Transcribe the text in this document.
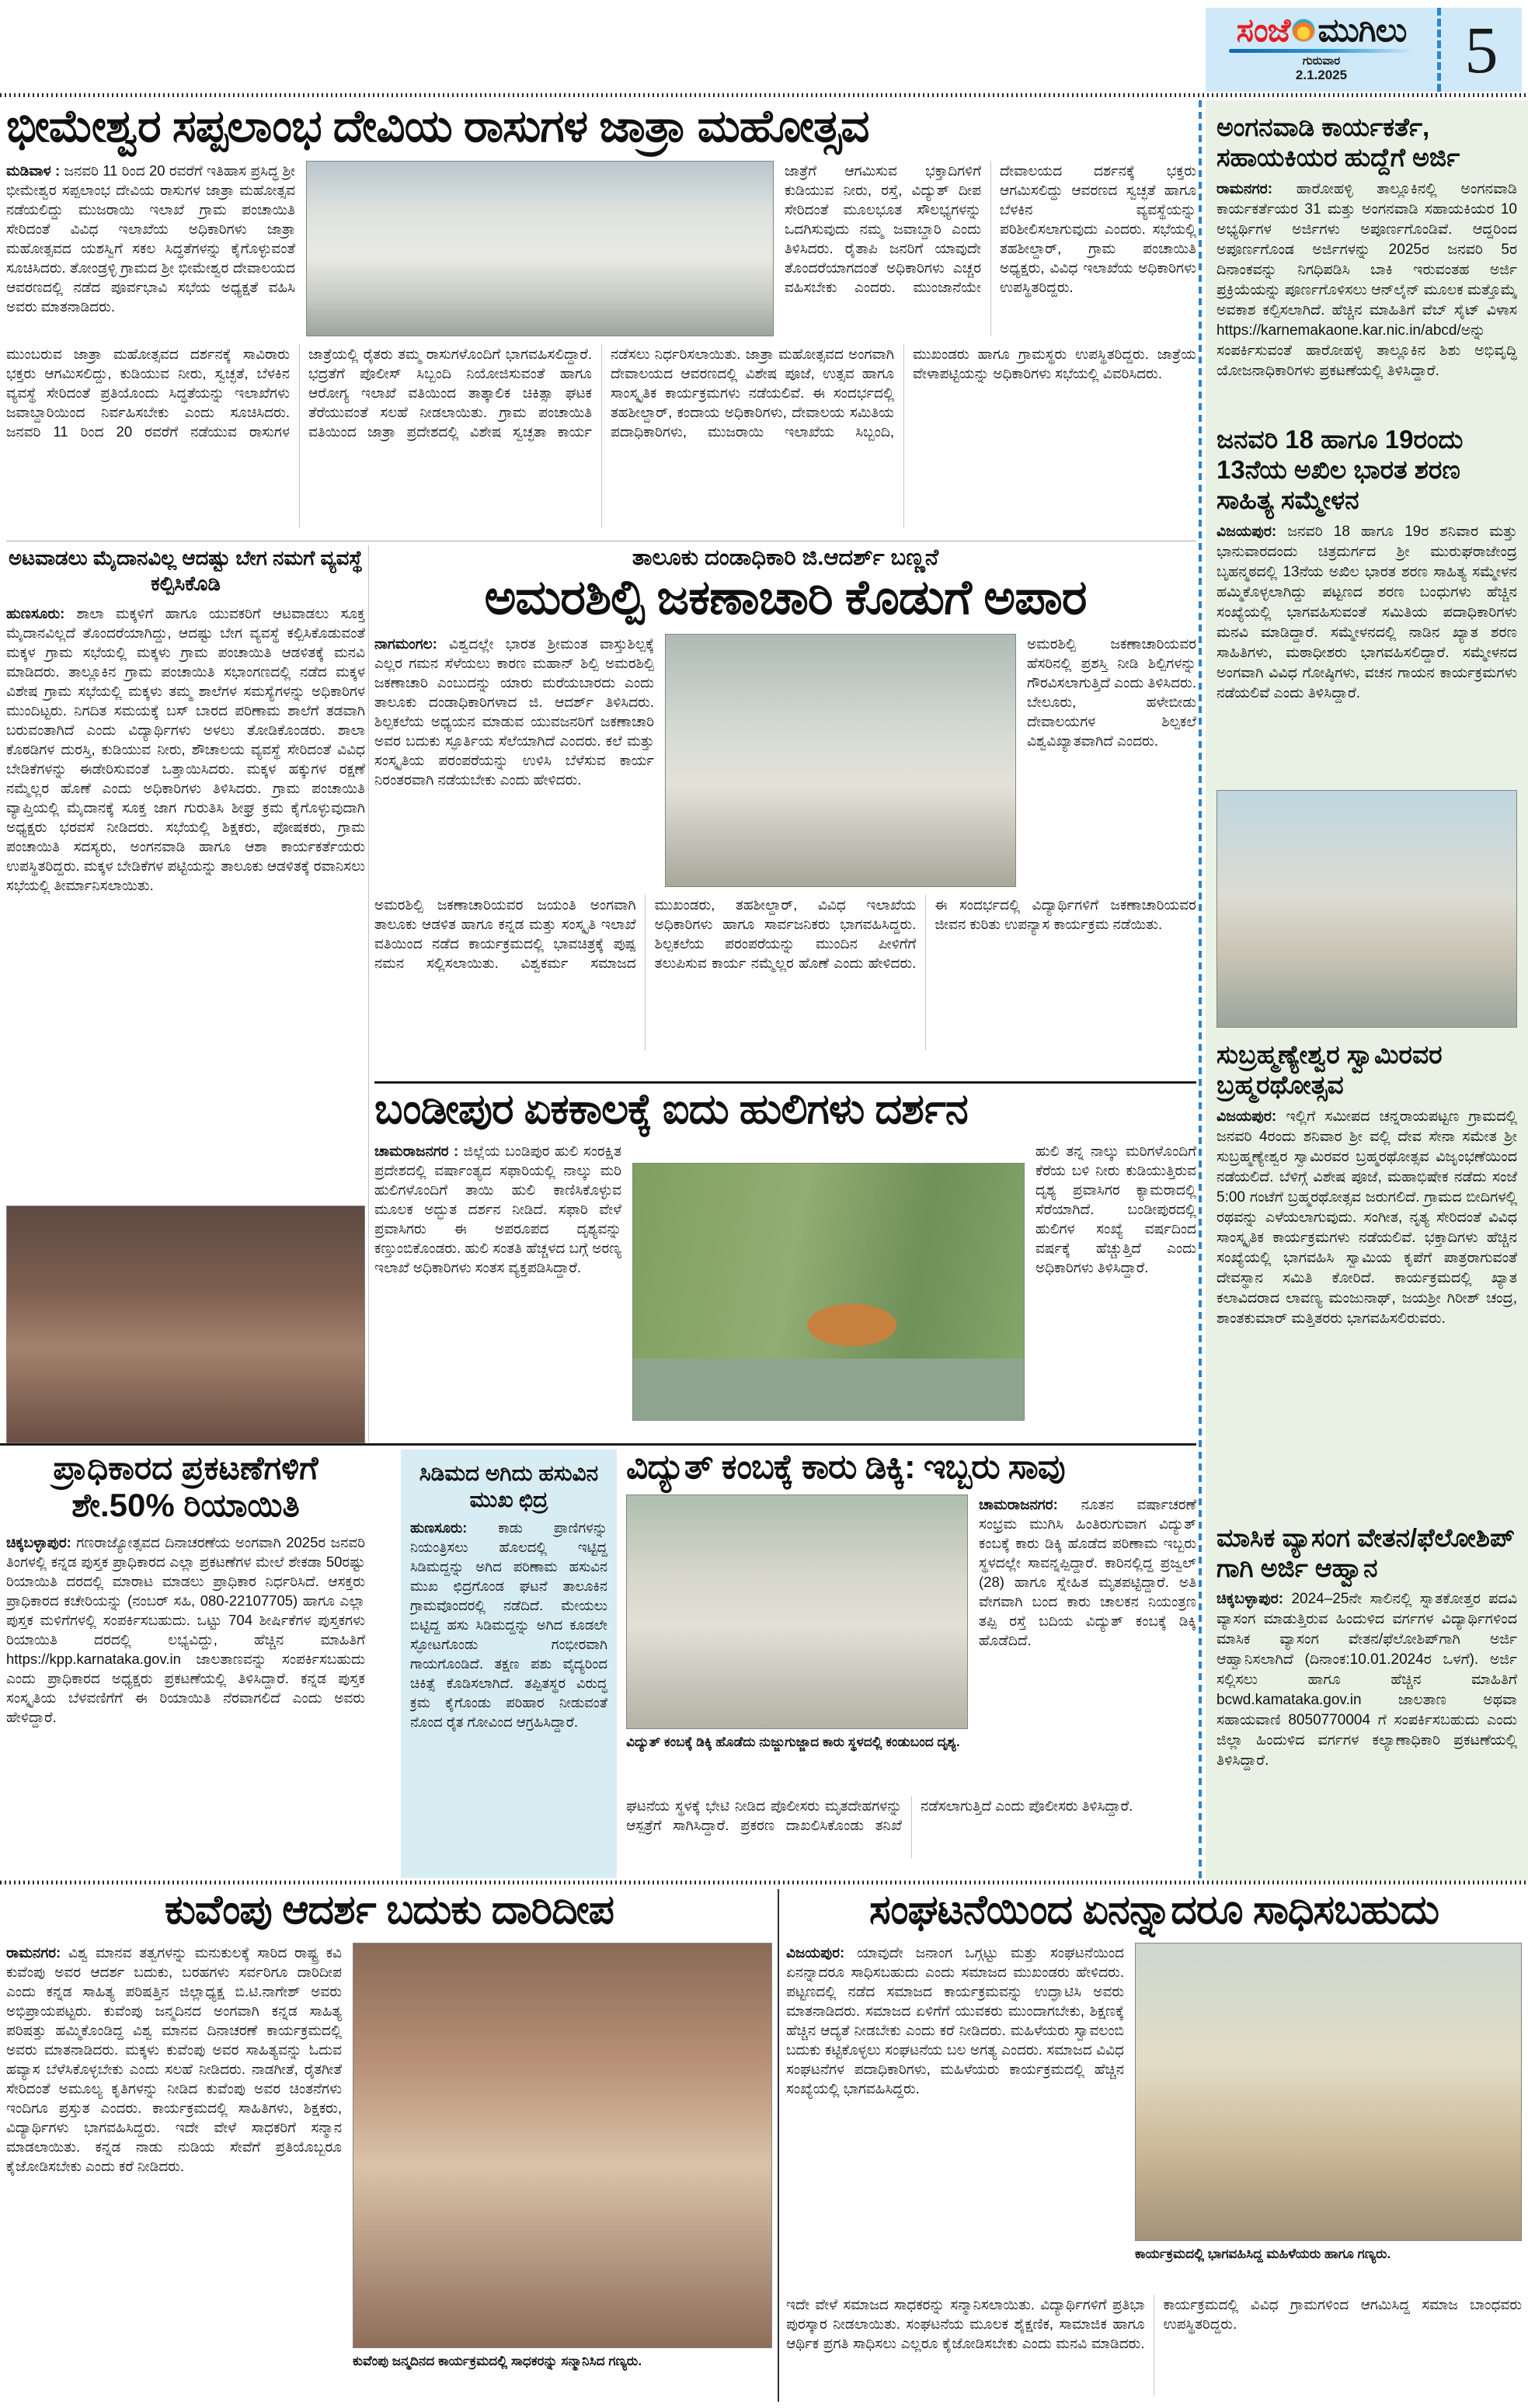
ಸಂಜೆ ಮುಗಿಲು
ಗುರುವಾರ
2.1.2025	5
ಭೀಮೇಶ್ವರ ಸಪ್ಪಲಾಂಭ ದೇವಿಯ ರಾಸುಗಳ ಜಾತ್ರಾ ಮಹೋತ್ಸವ
ಮಡಿವಾಳ : ಜನವರಿ 11 ರಿಂದ 20 ರವರೆಗೆ ಇತಿಹಾಸ ಪ್ರಸಿದ್ಧ ಶ್ರೀ ಭೀಮೇಶ್ವರ ಸಪ್ಪಲಾಂಭ ದೇವಿಯ ರಾಸುಗಳ ಜಾತ್ರಾ ಮಹೋತ್ಸವ ನಡೆಯಲಿದ್ದು ಮುಜರಾಯಿ ಇಲಾಖೆ ಗ್ರಾಮ ಪಂಚಾಯಿತಿ ಸೇರಿದಂತೆ ವಿವಿಧ ಇಲಾಖೆಯ ಅಧಿಕಾರಿಗಳು ಜಾತ್ರಾ ಮಹೋತ್ಸವದ ಯಶಸ್ವಿಗೆ ಸಕಲ ಸಿದ್ಧತೆಗಳನ್ನು ಕೈಗೊಳ್ಳುವಂತೆ ಸೂಚಿಸಿದರು. ತೋಂಡ್ರಳ್ಳಿ ಗ್ರಾಮದ ಶ್ರೀ ಭೀಮೇಶ್ವರ ದೇವಾಲಯದ ಆವರಣದಲ್ಲಿ ನಡೆದ ಪೂರ್ವಭಾವಿ ಸಭೆಯ ಅಧ್ಯಕ್ಷತೆ ವಹಿಸಿ ಅವರು ಮಾತನಾಡಿದರು.
ಜಾತ್ರೆಗೆ ಆಗಮಿಸುವ ಭಕ್ತಾದಿಗಳಿಗೆ ಕುಡಿಯುವ ನೀರು, ರಸ್ತೆ, ವಿದ್ಯುತ್ ದೀಪ ಸೇರಿದಂತೆ ಮೂಲಭೂತ ಸೌಲಭ್ಯಗಳನ್ನು ಒದಗಿಸುವುದು ನಮ್ಮ ಜವಾಬ್ದಾರಿ ಎಂದು ತಿಳಿಸಿದರು. ರೈತಾಪಿ ಜನರಿಗೆ ಯಾವುದೇ ತೊಂದರೆಯಾಗದಂತೆ ಅಧಿಕಾರಿಗಳು ಎಚ್ಚರ ವಹಿಸಬೇಕು ಎಂದರು. ಮುಂಜಾನೆಯೇ ದೇವಾಲಯದ ದರ್ಶನಕ್ಕೆ ಭಕ್ತರು ಆಗಮಿಸಲಿದ್ದು ಆವರಣದ ಸ್ವಚ್ಛತೆ ಹಾಗೂ ಬೆಳಕಿನ ವ್ಯವಸ್ಥೆಯನ್ನು ಪರಿಶೀಲಿಸಲಾಗುವುದು ಎಂದರು. ಸಭೆಯಲ್ಲಿ ತಹಶೀಲ್ದಾರ್, ಗ್ರಾಮ ಪಂಚಾಯಿತಿ ಅಧ್ಯಕ್ಷರು, ವಿವಿಧ ಇಲಾಖೆಯ ಅಧಿಕಾರಿಗಳು ಉಪಸ್ಥಿತರಿದ್ದರು.
ಮುಂಬರುವ ಜಾತ್ರಾ ಮಹೋತ್ಸವದ ದರ್ಶನಕ್ಕೆ ಸಾವಿರಾರು ಭಕ್ತರು ಆಗಮಿಸಲಿದ್ದು, ಕುಡಿಯುವ ನೀರು, ಸ್ವಚ್ಛತೆ, ಬೆಳಕಿನ ವ್ಯವಸ್ಥೆ ಸೇರಿದಂತೆ ಪ್ರತಿಯೊಂದು ಸಿದ್ಧತೆಯನ್ನು ಇಲಾಖೆಗಳು ಜವಾಬ್ದಾರಿಯಿಂದ ನಿರ್ವಹಿಸಬೇಕು ಎಂದು ಸೂಚಿಸಿದರು. ಜನವರಿ 11 ರಿಂದ 20 ರವರೆಗೆ ನಡೆಯುವ ರಾಸುಗಳ ಜಾತ್ರೆಯಲ್ಲಿ ರೈತರು ತಮ್ಮ ರಾಸುಗಳೊಂದಿಗೆ ಭಾಗವಹಿಸಲಿದ್ದಾರೆ. ಭದ್ರತೆಗೆ ಪೊಲೀಸ್ ಸಿಬ್ಬಂದಿ ನಿಯೋಜಿಸುವಂತೆ ಹಾಗೂ ಆರೋಗ್ಯ ಇಲಾಖೆ ವತಿಯಿಂದ ತಾತ್ಕಾಲಿಕ ಚಿಕಿತ್ಸಾ ಘಟಕ ತೆರೆಯುವಂತೆ ಸಲಹೆ ನೀಡಲಾಯಿತು. ಗ್ರಾಮ ಪಂಚಾಯಿತಿ ವತಿಯಿಂದ ಜಾತ್ರಾ ಪ್ರದೇಶದಲ್ಲಿ ವಿಶೇಷ ಸ್ವಚ್ಛತಾ ಕಾರ್ಯ ನಡೆಸಲು ನಿರ್ಧರಿಸಲಾಯಿತು. ಜಾತ್ರಾ ಮಹೋತ್ಸವದ ಅಂಗವಾಗಿ ದೇವಾಲಯದ ಆವರಣದಲ್ಲಿ ವಿಶೇಷ ಪೂಜೆ, ಉತ್ಸವ ಹಾಗೂ ಸಾಂಸ್ಕೃತಿಕ ಕಾರ್ಯಕ್ರಮಗಳು ನಡೆಯಲಿವೆ. ಈ ಸಂದರ್ಭದಲ್ಲಿ ತಹಶೀಲ್ದಾರ್, ಕಂದಾಯ ಅಧಿಕಾರಿಗಳು, ದೇವಾಲಯ ಸಮಿತಿಯ ಪದಾಧಿಕಾರಿಗಳು, ಮುಜರಾಯಿ ಇಲಾಖೆಯ ಸಿಬ್ಬಂದಿ, ಮುಖಂಡರು ಹಾಗೂ ಗ್ರಾಮಸ್ಥರು ಉಪಸ್ಥಿತರಿದ್ದರು. ಜಾತ್ರೆಯ ವೇಳಾಪಟ್ಟಿಯನ್ನು ಅಧಿಕಾರಿಗಳು ಸಭೆಯಲ್ಲಿ ವಿವರಿಸಿದರು.
ಅಟವಾಡಲು ಮೈದಾನವಿಲ್ಲ ಆದಷ್ಟು ಬೇಗ ನಮಗೆ ವ್ಯವಸ್ಥೆ ಕಲ್ಪಿಸಿಕೊಡಿ

ಹುಣಸೂರು: ಶಾಲಾ ಮಕ್ಕಳಿಗೆ ಹಾಗೂ ಯುವಕರಿಗೆ ಆಟವಾಡಲು ಸೂಕ್ತ ಮೈದಾನವಿಲ್ಲದೆ ತೊಂದರೆಯಾಗಿದ್ದು, ಆದಷ್ಟು ಬೇಗ ವ್ಯವಸ್ಥೆ ಕಲ್ಪಿಸಿಕೊಡುವಂತೆ ಮಕ್ಕಳ ಗ್ರಾಮ ಸಭೆಯಲ್ಲಿ ಮಕ್ಕಳು ಗ್ರಾಮ ಪಂಚಾಯಿತಿ ಆಡಳಿತಕ್ಕೆ ಮನವಿ ಮಾಡಿದರು. ತಾಲ್ಲೂಕಿನ ಗ್ರಾಮ ಪಂಚಾಯಿತಿ ಸಭಾಂಗಣದಲ್ಲಿ ನಡೆದ ಮಕ್ಕಳ ವಿಶೇಷ ಗ್ರಾಮ ಸಭೆಯಲ್ಲಿ ಮಕ್ಕಳು ತಮ್ಮ ಶಾಲೆಗಳ ಸಮಸ್ಯೆಗಳನ್ನು ಅಧಿಕಾರಿಗಳ ಮುಂದಿಟ್ಟರು. ನಿಗದಿತ ಸಮಯಕ್ಕೆ ಬಸ್ ಬಾರದ ಪರಿಣಾಮ ಶಾಲೆಗೆ ತಡವಾಗಿ ಬರುವಂತಾಗಿದೆ ಎಂದು ವಿದ್ಯಾರ್ಥಿಗಳು ಅಳಲು ತೋಡಿಕೊಂಡರು. ಶಾಲಾ ಕೊಠಡಿಗಳ ದುರಸ್ತಿ, ಕುಡಿಯುವ ನೀರು, ಶೌಚಾಲಯ ವ್ಯವಸ್ಥೆ ಸೇರಿದಂತೆ ವಿವಿಧ ಬೇಡಿಕೆಗಳನ್ನು ಈಡೇರಿಸುವಂತೆ ಒತ್ತಾಯಿಸಿದರು. ಮಕ್ಕಳ ಹಕ್ಕುಗಳ ರಕ್ಷಣೆ ನಮ್ಮೆಲ್ಲರ ಹೊಣೆ ಎಂದು ಅಧಿಕಾರಿಗಳು ತಿಳಿಸಿದರು. ಗ್ರಾಮ ಪಂಚಾಯಿತಿ ವ್ಯಾಪ್ತಿಯಲ್ಲಿ ಮೈದಾನಕ್ಕೆ ಸೂಕ್ತ ಜಾಗ ಗುರುತಿಸಿ ಶೀಘ್ರ ಕ್ರಮ ಕೈಗೊಳ್ಳುವುದಾಗಿ ಅಧ್ಯಕ್ಷರು ಭರವಸೆ ನೀಡಿದರು. ಸಭೆಯಲ್ಲಿ ಶಿಕ್ಷಕರು, ಪೋಷಕರು, ಗ್ರಾಮ ಪಂಚಾಯಿತಿ ಸದಸ್ಯರು, ಅಂಗನವಾಡಿ ಹಾಗೂ ಆಶಾ ಕಾರ್ಯಕರ್ತೆಯರು ಉಪಸ್ಥಿತರಿದ್ದರು. ಮಕ್ಕಳ ಬೇಡಿಕೆಗಳ ಪಟ್ಟಿಯನ್ನು ತಾಲೂಕು ಆಡಳಿತಕ್ಕೆ ರವಾನಿಸಲು ಸಭೆಯಲ್ಲಿ ತೀರ್ಮಾನಿಸಲಾಯಿತು.

ತಾಲೂಕು ದಂಡಾಧಿಕಾರಿ ಜಿ.ಆದರ್ಶ್ ಬಣ್ಣನೆ

ಅಮರಶಿಲ್ಪಿ ಜಕಣಾಚಾರಿ ಕೊಡುಗೆ ಅಪಾರ
ನಾಗಮಂಗಲ: ವಿಶ್ವದಲ್ಲೇ ಭಾರತ ಶ್ರೀಮಂತ ವಾಸ್ತುಶಿಲ್ಪಕ್ಕೆ ಎಲ್ಲರ ಗಮನ ಸೆಳೆಯಲು ಕಾರಣ ಮಹಾನ್ ಶಿಲ್ಪಿ ಅಮರಶಿಲ್ಪಿ ಜಕಣಾಚಾರಿ ಎಂಬುದನ್ನು ಯಾರು ಮರೆಯಬಾರದು ಎಂದು ತಾಲೂಕು ದಂಡಾಧಿಕಾರಿಗಳಾದ ಜಿ. ಆದರ್ಶ್ ತಿಳಿಸಿದರು. ಶಿಲ್ಪಕಲೆಯ ಅಧ್ಯಯನ ಮಾಡುವ ಯುವಜನರಿಗೆ ಜಕಣಾಚಾರಿ ಅವರ ಬದುಕು ಸ್ಫೂರ್ತಿಯ ಸೆಲೆಯಾಗಿದೆ ಎಂದರು. ಕಲೆ ಮತ್ತು ಸಂಸ್ಕೃತಿಯ ಪರಂಪರೆಯನ್ನು ಉಳಿಸಿ ಬೆಳೆಸುವ ಕಾರ್ಯ ನಿರಂತರವಾಗಿ ನಡೆಯಬೇಕು ಎಂದು ಹೇಳಿದರು.
ಅಮರಶಿಲ್ಪಿ ಜಕಣಾಚಾರಿಯವರ ಹೆಸರಿನಲ್ಲಿ ಪ್ರಶಸ್ತಿ ನೀಡಿ ಶಿಲ್ಪಿಗಳನ್ನು ಗೌರವಿಸಲಾಗುತ್ತಿದೆ ಎಂದು ತಿಳಿಸಿದರು. ಬೇಲೂರು, ಹಳೇಬೀಡು ದೇವಾಲಯಗಳ ಶಿಲ್ಪಕಲೆ ವಿಶ್ವವಿಖ್ಯಾತವಾಗಿದೆ ಎಂದರು.
ಅಮರಶಿಲ್ಪಿ ಜಕಣಾಚಾರಿಯವರ ಜಯಂತಿ ಅಂಗವಾಗಿ ತಾಲೂಕು ಆಡಳಿತ ಹಾಗೂ ಕನ್ನಡ ಮತ್ತು ಸಂಸ್ಕೃತಿ ಇಲಾಖೆ ವತಿಯಿಂದ ನಡೆದ ಕಾರ್ಯಕ್ರಮದಲ್ಲಿ ಭಾವಚಿತ್ರಕ್ಕೆ ಪುಷ್ಪ ನಮನ ಸಲ್ಲಿಸಲಾಯಿತು. ವಿಶ್ವಕರ್ಮ ಸಮಾಜದ ಮುಖಂಡರು, ತಹಶೀಲ್ದಾರ್, ವಿವಿಧ ಇಲಾಖೆಯ ಅಧಿಕಾರಿಗಳು ಹಾಗೂ ಸಾರ್ವಜನಿಕರು ಭಾಗವಹಿಸಿದ್ದರು. ಶಿಲ್ಪಕಲೆಯ ಪರಂಪರೆಯನ್ನು ಮುಂದಿನ ಪೀಳಿಗೆಗೆ ತಲುಪಿಸುವ ಕಾರ್ಯ ನಮ್ಮೆಲ್ಲರ ಹೊಣೆ ಎಂದು ಹೇಳಿದರು. ಈ ಸಂದರ್ಭದಲ್ಲಿ ವಿದ್ಯಾರ್ಥಿಗಳಿಗೆ ಜಕಣಾಚಾರಿಯವರ ಜೀವನ ಕುರಿತು ಉಪನ್ಯಾಸ ಕಾರ್ಯಕ್ರಮ ನಡೆಯಿತು.
ಬಂಡೀಪುರ ಏಕಕಾಲಕ್ಕೆ ಐದು ಹುಲಿಗಳು ದರ್ಶನ
ಚಾಮರಾಜನಗರ : ಜಿಲ್ಲೆಯ ಬಂಡಿಪುರ ಹುಲಿ ಸಂರಕ್ಷಿತ ಪ್ರದೇಶದಲ್ಲಿ ವರ್ಷಾಂತ್ಯದ ಸಫಾರಿಯಲ್ಲಿ ನಾಲ್ಕು ಮರಿ ಹುಲಿಗಳೊಂದಿಗೆ ತಾಯಿ ಹುಲಿ ಕಾಣಿಸಿಕೊಳ್ಳುವ ಮೂಲಕ ಅದ್ಭುತ ದರ್ಶನ ನೀಡಿದೆ. ಸಫಾರಿ ವೇಳೆ ಪ್ರವಾಸಿಗರು ಈ ಅಪರೂಪದ ದೃಶ್ಯವನ್ನು ಕಣ್ತುಂಬಿಕೊಂಡರು. ಹುಲಿ ಸಂತತಿ ಹೆಚ್ಚಳದ ಬಗ್ಗೆ ಅರಣ್ಯ ಇಲಾಖೆ ಅಧಿಕಾರಿಗಳು ಸಂತಸ ವ್ಯಕ್ತಪಡಿಸಿದ್ದಾರೆ.
ಹುಲಿ ತನ್ನ ನಾಲ್ಕು ಮರಿಗಳೊಂದಿಗೆ ಕೆರೆಯ ಬಳಿ ನೀರು ಕುಡಿಯುತ್ತಿರುವ ದೃಶ್ಯ ಪ್ರವಾಸಿಗರ ಕ್ಯಾಮರಾದಲ್ಲಿ ಸೆರೆಯಾಗಿದೆ. ಬಂಡೀಪುರದಲ್ಲಿ ಹುಲಿಗಳ ಸಂಖ್ಯೆ ವರ್ಷದಿಂದ ವರ್ಷಕ್ಕೆ ಹೆಚ್ಚುತ್ತಿದೆ ಎಂದು ಅಧಿಕಾರಿಗಳು ತಿಳಿಸಿದ್ದಾರೆ.
ಪ್ರಾಧಿಕಾರದ ಪ್ರಕಟಣೆಗಳಿಗೆ ಶೇ.50% ರಿಯಾಯಿತಿ

ಚಿಕ್ಕಬಳ್ಳಾಪುರ: ಗಣರಾಜ್ಯೋತ್ಸವದ ದಿನಾಚರಣೆಯ ಅಂಗವಾಗಿ 2025ರ ಜನವರಿ ತಿಂಗಳಲ್ಲಿ ಕನ್ನಡ ಪುಸ್ತಕ ಪ್ರಾಧಿಕಾರದ ಎಲ್ಲಾ ಪ್ರಕಟಣೆಗಳ ಮೇಲೆ ಶೇಕಡಾ 50ರಷ್ಟು ರಿಯಾಯಿತಿ ದರದಲ್ಲಿ ಮಾರಾಟ ಮಾಡಲು ಪ್ರಾಧಿಕಾರ ನಿರ್ಧರಿಸಿದೆ. ಆಸಕ್ತರು ಪ್ರಾಧಿಕಾರದ ಕಚೇರಿಯನ್ನು (ನಂಬರ್ ಸಹಿ, 080-22107705) ಹಾಗೂ ಎಲ್ಲಾ ಪುಸ್ತಕ ಮಳಿಗೆಗಳಲ್ಲಿ ಸಂಪರ್ಕಿಸಬಹುದು. ಒಟ್ಟು 704 ಶೀರ್ಷಿಕೆಗಳ ಪುಸ್ತಕಗಳು ರಿಯಾಯಿತಿ ದರದಲ್ಲಿ ಲಭ್ಯವಿದ್ದು, ಹೆಚ್ಚಿನ ಮಾಹಿತಿಗೆ https://kpp.karnataka.gov.in ಜಾಲತಾಣವನ್ನು ಸಂಪರ್ಕಿಸಬಹುದು ಎಂದು ಪ್ರಾಧಿಕಾರದ ಅಧ್ಯಕ್ಷರು ಪ್ರಕಟಣೆಯಲ್ಲಿ ತಿಳಿಸಿದ್ದಾರೆ. ಕನ್ನಡ ಪುಸ್ತಕ ಸಂಸ್ಕೃತಿಯ ಬೆಳವಣಿಗೆಗೆ ಈ ರಿಯಾಯಿತಿ ನೆರವಾಗಲಿದೆ ಎಂದು ಅವರು ಹೇಳಿದ್ದಾರೆ.

ಸಿಡಿಮದ ಅಗಿದು ಹಸುವಿನ ಮುಖ ಛಿದ್ರ

ಹುಣಸೂರು: ಕಾಡು ಪ್ರಾಣಿಗಳನ್ನು ನಿಯಂತ್ರಿಸಲು ಹೊಲದಲ್ಲಿ ಇಟ್ಟಿದ್ದ ಸಿಡಿಮದ್ದನ್ನು ಅಗಿದ ಪರಿಣಾಮ ಹಸುವಿನ ಮುಖ ಛಿದ್ರಗೊಂಡ ಘಟನೆ ತಾಲೂಕಿನ ಗ್ರಾಮವೊಂದರಲ್ಲಿ ನಡೆದಿದೆ. ಮೇಯಲು ಬಿಟ್ಟಿದ್ದ ಹಸು ಸಿಡಿಮದ್ದನ್ನು ಅಗಿದ ಕೂಡಲೇ ಸ್ಫೋಟಗೊಂಡು ಗಂಭೀರವಾಗಿ ಗಾಯಗೊಂಡಿದೆ. ತಕ್ಷಣ ಪಶು ವೈದ್ಯರಿಂದ ಚಿಕಿತ್ಸೆ ಕೊಡಿಸಲಾಗಿದೆ. ತಪ್ಪಿತಸ್ಥರ ವಿರುದ್ಧ ಕ್ರಮ ಕೈಗೊಂಡು ಪರಿಹಾರ ನೀಡುವಂತೆ ನೊಂದ ರೈತ ಗೋವಿಂದ ಆಗ್ರಹಿಸಿದ್ದಾರೆ.

ವಿದ್ಯುತ್ ಕಂಬಕ್ಕೆ ಕಾರು ಡಿಕ್ಕಿ: ಇಬ್ಬರು ಸಾವು
ವಿದ್ಯುತ್ ಕಂಬಕ್ಕೆ ಡಿಕ್ಕಿ ಹೊಡೆದು ನುಜ್ಜುಗುಜ್ಜಾದ ಕಾರು ಸ್ಥಳದಲ್ಲಿ ಕಂಡುಬಂದ ದೃಶ್ಯ.
ಚಾಮರಾಜನಗರ: ನೂತನ ವರ್ಷಾಚರಣೆ ಸಂಭ್ರಮ ಮುಗಿಸಿ ಹಿಂತಿರುಗುವಾಗ ವಿದ್ಯುತ್ ಕಂಬಕ್ಕೆ ಕಾರು ಡಿಕ್ಕಿ ಹೊಡೆದ ಪರಿಣಾಮ ಇಬ್ಬರು ಸ್ಥಳದಲ್ಲೇ ಸಾವನ್ನಪ್ಪಿದ್ದಾರೆ. ಕಾರಿನಲ್ಲಿದ್ದ ಪ್ರಜ್ವಲ್ (28) ಹಾಗೂ ಸ್ನೇಹಿತ ಮೃತಪಟ್ಟಿದ್ದಾರೆ. ಅತಿ ವೇಗವಾಗಿ ಬಂದ ಕಾರು ಚಾಲಕನ ನಿಯಂತ್ರಣ ತಪ್ಪಿ ರಸ್ತೆ ಬದಿಯ ವಿದ್ಯುತ್ ಕಂಬಕ್ಕೆ ಡಿಕ್ಕಿ ಹೊಡೆದಿದೆ.
ಘಟನೆಯ ಸ್ಥಳಕ್ಕೆ ಭೇಟಿ ನೀಡಿದ ಪೊಲೀಸರು ಮೃತದೇಹಗಳನ್ನು ಆಸ್ಪತ್ರೆಗೆ ಸಾಗಿಸಿದ್ದಾರೆ. ಪ್ರಕರಣ ದಾಖಲಿಸಿಕೊಂಡು ತನಿಖೆ ನಡೆಸಲಾಗುತ್ತಿದೆ ಎಂದು ಪೊಲೀಸರು ತಿಳಿಸಿದ್ದಾರೆ.
ಕುವೆಂಪು ಆದರ್ಶ ಬದುಕು ದಾರಿದೀಪ
ರಾಮನಗರ: ವಿಶ್ವ ಮಾನವ ತತ್ವಗಳನ್ನು ಮನುಕುಲಕ್ಕೆ ಸಾರಿದ ರಾಷ್ಟ್ರ ಕವಿ ಕುವೆಂಪು ಅವರ ಆದರ್ಶ ಬದುಕು, ಬರಹಗಳು ಸರ್ವರಿಗೂ ದಾರಿದೀಪ ಎಂದು ಕನ್ನಡ ಸಾಹಿತ್ಯ ಪರಿಷತ್ತಿನ ಜಿಲ್ಲಾಧ್ಯಕ್ಷ ಬಿ.ಟಿ.ನಾಗೇಶ್ ಅವರು ಅಭಿಪ್ರಾಯಪಟ್ಟರು. ಕುವೆಂಪು ಜನ್ಮದಿನದ ಅಂಗವಾಗಿ ಕನ್ನಡ ಸಾಹಿತ್ಯ ಪರಿಷತ್ತು ಹಮ್ಮಿಕೊಂಡಿದ್ದ ವಿಶ್ವ ಮಾನವ ದಿನಾಚರಣೆ ಕಾರ್ಯಕ್ರಮದಲ್ಲಿ ಅವರು ಮಾತನಾಡಿದರು. ಮಕ್ಕಳು ಕುವೆಂಪು ಅವರ ಸಾಹಿತ್ಯವನ್ನು ಓದುವ ಹವ್ಯಾಸ ಬೆಳೆಸಿಕೊಳ್ಳಬೇಕು ಎಂದು ಸಲಹೆ ನೀಡಿದರು. ನಾಡಗೀತೆ, ರೈತಗೀತೆ ಸೇರಿದಂತೆ ಅಮೂಲ್ಯ ಕೃತಿಗಳನ್ನು ನೀಡಿದ ಕುವೆಂಪು ಅವರ ಚಿಂತನೆಗಳು ಇಂದಿಗೂ ಪ್ರಸ್ತುತ ಎಂದರು. ಕಾರ್ಯಕ್ರಮದಲ್ಲಿ ಸಾಹಿತಿಗಳು, ಶಿಕ್ಷಕರು, ವಿದ್ಯಾರ್ಥಿಗಳು ಭಾಗವಹಿಸಿದ್ದರು. ಇದೇ ವೇಳೆ ಸಾಧಕರಿಗೆ ಸನ್ಮಾನ ಮಾಡಲಾಯಿತು. ಕನ್ನಡ ನಾಡು ನುಡಿಯ ಸೇವೆಗೆ ಪ್ರತಿಯೊಬ್ಬರೂ ಕೈಜೋಡಿಸಬೇಕು ಎಂದು ಕರೆ ನೀಡಿದರು.
ಕುವೆಂಪು ಜನ್ಮದಿನದ ಕಾರ್ಯಕ್ರಮದಲ್ಲಿ ಸಾಧಕರನ್ನು ಸನ್ಮಾನಿಸಿದ ಗಣ್ಯರು.
ಸಂಘಟನೆಯಿಂದ ಏನನ್ನಾದರೂ ಸಾಧಿಸಬಹುದು
ವಿಜಯಪುರ: ಯಾವುದೇ ಜನಾಂಗ ಒಗ್ಗಟ್ಟು ಮತ್ತು ಸಂಘಟನೆಯಿಂದ ಏನನ್ನಾದರೂ ಸಾಧಿಸಬಹುದು ಎಂದು ಸಮಾಜದ ಮುಖಂಡರು ಹೇಳಿದರು. ಪಟ್ಟಣದಲ್ಲಿ ನಡೆದ ಸಮಾಜದ ಕಾರ್ಯಕ್ರಮವನ್ನು ಉದ್ಘಾಟಿಸಿ ಅವರು ಮಾತನಾಡಿದರು. ಸಮಾಜದ ಏಳಿಗೆಗೆ ಯುವಕರು ಮುಂದಾಗಬೇಕು, ಶಿಕ್ಷಣಕ್ಕೆ ಹೆಚ್ಚಿನ ಆದ್ಯತೆ ನೀಡಬೇಕು ಎಂದು ಕರೆ ನೀಡಿದರು. ಮಹಿಳೆಯರು ಸ್ವಾವಲಂಬಿ ಬದುಕು ಕಟ್ಟಿಕೊಳ್ಳಲು ಸಂಘಟನೆಯ ಬಲ ಅಗತ್ಯ ಎಂದರು. ಸಮಾಜದ ವಿವಿಧ ಸಂಘಟನೆಗಳ ಪದಾಧಿಕಾರಿಗಳು, ಮಹಿಳೆಯರು ಕಾರ್ಯಕ್ರಮದಲ್ಲಿ ಹೆಚ್ಚಿನ ಸಂಖ್ಯೆಯಲ್ಲಿ ಭಾಗವಹಿಸಿದ್ದರು.
ಕಾರ್ಯಕ್ರಮದಲ್ಲಿ ಭಾಗವಹಿಸಿದ್ದ ಮಹಿಳೆಯರು ಹಾಗೂ ಗಣ್ಯರು.
ಇದೇ ವೇಳೆ ಸಮಾಜದ ಸಾಧಕರನ್ನು ಸನ್ಮಾನಿಸಲಾಯಿತು. ವಿದ್ಯಾರ್ಥಿಗಳಿಗೆ ಪ್ರತಿಭಾ ಪುರಸ್ಕಾರ ನೀಡಲಾಯಿತು. ಸಂಘಟನೆಯ ಮೂಲಕ ಶೈಕ್ಷಣಿಕ, ಸಾಮಾಜಿಕ ಹಾಗೂ ಆರ್ಥಿಕ ಪ್ರಗತಿ ಸಾಧಿಸಲು ಎಲ್ಲರೂ ಕೈಜೋಡಿಸಬೇಕು ಎಂದು ಮನವಿ ಮಾಡಿದರು. ಕಾರ್ಯಕ್ರಮದಲ್ಲಿ ವಿವಿಧ ಗ್ರಾಮಗಳಿಂದ ಆಗಮಿಸಿದ್ದ ಸಮಾಜ ಬಾಂಧವರು ಉಪಸ್ಥಿತರಿದ್ದರು.
ಅಂಗನವಾಡಿ ಕಾರ್ಯಕರ್ತೆ, ಸಹಾಯಕಿಯರ ಹುದ್ದೆಗೆ ಅರ್ಜಿ

ರಾಮನಗರ: ಹಾರೋಹಳ್ಳಿ ತಾಲ್ಲೂಕಿನಲ್ಲಿ ಅಂಗನವಾಡಿ ಕಾರ್ಯಕರ್ತೆಯರ 31 ಮತ್ತು ಅಂಗನವಾಡಿ ಸಹಾಯಕಿಯರ 10 ಅಭ್ಯರ್ಥಿಗಳ ಅರ್ಜಿಗಳು ಅಪೂರ್ಣಗೊಂಡಿವೆ. ಆದ್ದರಿಂದ ಅಪೂರ್ಣಗೊಂಡ ಅರ್ಜಿಗಳನ್ನು 2025ರ ಜನವರಿ 5ರ ದಿನಾಂಕವನ್ನು ನಿಗಧಿಪಡಿಸಿ ಬಾಕಿ ಇರುವಂತಹ ಅರ್ಜಿ ಪ್ರಕ್ರಿಯೆಯನ್ನು ಪೂರ್ಣಗೊಳಿಸಲು ಆನ್‌ಲೈನ್ ಮೂಲಕ ಮತ್ತೊಮ್ಮೆ ಅವಕಾಶ ಕಲ್ಪಿಸಲಾಗಿದೆ. ಹೆಚ್ಚಿನ ಮಾಹಿತಿಗೆ ವೆಬ್ ಸೈಟ್ ವಿಳಾಸ https://karnemakaone.kar.nic.in/abcd/ಅನ್ನು ಸಂಪರ್ಕಿಸುವಂತೆ ಹಾರೋಹಳ್ಳಿ ತಾಲ್ಲೂಕಿನ ಶಿಶು ಅಭಿವೃದ್ಧಿ ಯೋಜನಾಧಿಕಾರಿಗಳು ಪ್ರಕಟಣೆಯಲ್ಲಿ ತಿಳಿಸಿದ್ದಾರೆ.

ಜನವರಿ 18 ಹಾಗೂ 19ರಂದು 13ನೆಯ ಅಖಿಲ ಭಾರತ ಶರಣ ಸಾಹಿತ್ಯ ಸಮ್ಮೇಳನ

ವಿಜಯಪುರ: ಜನವರಿ 18 ಹಾಗೂ 19ರ ಶನಿವಾರ ಮತ್ತು ಭಾನುವಾರದಂದು ಚಿತ್ರದುರ್ಗದ ಶ್ರೀ ಮುರುಘರಾಜೇಂದ್ರ ಬೃಹನ್ಮಠದಲ್ಲಿ 13ನೆಯ ಅಖಿಲ ಭಾರತ ಶರಣ ಸಾಹಿತ್ಯ ಸಮ್ಮೇಳನ ಹಮ್ಮಿಕೊಳ್ಳಲಾಗಿದ್ದು ಪಟ್ಟಣದ ಶರಣ ಬಂಧುಗಳು ಹೆಚ್ಚಿನ ಸಂಖ್ಯೆಯಲ್ಲಿ ಭಾಗವಹಿಸುವಂತೆ ಸಮಿತಿಯ ಪದಾಧಿಕಾರಿಗಳು ಮನವಿ ಮಾಡಿದ್ದಾರೆ. ಸಮ್ಮೇಳನದಲ್ಲಿ ನಾಡಿನ ಖ್ಯಾತ ಶರಣ ಸಾಹಿತಿಗಳು, ಮಠಾಧೀಶರು ಭಾಗವಹಿಸಲಿದ್ದಾರೆ. ಸಮ್ಮೇಳನದ ಅಂಗವಾಗಿ ವಿವಿಧ ಗೋಷ್ಠಿಗಳು, ವಚನ ಗಾಯನ ಕಾರ್ಯಕ್ರಮಗಳು ನಡೆಯಲಿವೆ ಎಂದು ತಿಳಿಸಿದ್ದಾರೆ.

ಸುಬ್ರಹ್ಮಣ್ಯೇಶ್ವರ ಸ್ವಾಮಿರವರ ಬ್ರಹ್ಮರಥೋತ್ಸವ

ವಿಜಯಪುರ: ಇಲ್ಲಿಗೆ ಸಮೀಪದ ಚನ್ನರಾಯಪಟ್ಟಣ ಗ್ರಾಮದಲ್ಲಿ ಜನವರಿ 4ರಂದು ಶನಿವಾರ ಶ್ರೀ ವಲ್ಲಿ ದೇವ ಸೇನಾ ಸಮೇತ ಶ್ರೀ ಸುಬ್ರಹ್ಮಣ್ಯೇಶ್ವರ ಸ್ವಾಮಿರವರ ಬ್ರಹ್ಮರಥೋತ್ಸವ ವಿಜೃಂಭಣೆಯಿಂದ ನಡೆಯಲಿದೆ. ಬೆಳಿಗ್ಗೆ ವಿಶೇಷ ಪೂಜೆ, ಮಹಾಭಿಷೇಕ ನಡೆದು ಸಂಜೆ 5:00 ಗಂಟೆಗೆ ಬ್ರಹ್ಮರಥೋತ್ಸವ ಜರುಗಲಿದೆ. ಗ್ರಾಮದ ಬೀದಿಗಳಲ್ಲಿ ರಥವನ್ನು ಎಳೆಯಲಾಗುವುದು. ಸಂಗೀತ, ನೃತ್ಯ ಸೇರಿದಂತೆ ವಿವಿಧ ಸಾಂಸ್ಕೃತಿಕ ಕಾರ್ಯಕ್ರಮಗಳು ನಡೆಯಲಿವೆ. ಭಕ್ತಾದಿಗಳು ಹೆಚ್ಚಿನ ಸಂಖ್ಯೆಯಲ್ಲಿ ಭಾಗವಹಿಸಿ ಸ್ವಾಮಿಯ ಕೃಪೆಗೆ ಪಾತ್ರರಾಗುವಂತೆ ದೇವಸ್ಥಾನ ಸಮಿತಿ ಕೋರಿದೆ. ಕಾರ್ಯಕ್ರಮದಲ್ಲಿ ಖ್ಯಾತ ಕಲಾವಿದರಾದ ಲಾವಣ್ಯ ಮಂಜುನಾಥ್, ಜಯಶ್ರೀ ಗಿರೀಶ್ ಚಂದ್ರ, ಶಾಂತಕುಮಾರ್ ಮತ್ತಿತರರು ಭಾಗವಹಿಸಲಿರುವರು.

ಮಾಸಿಕ ವ್ಯಾಸಂಗ ವೇತನ/ಫೆಲೋಶಿಪ್ ಗಾಗಿ ಅರ್ಜಿ ಆಹ್ವಾನ

ಚಿಕ್ಕಬಳ್ಳಾಪುರ: 2024–25ನೇ ಸಾಲಿನಲ್ಲಿ ಸ್ನಾತಕೋತ್ತರ ಪದವಿ ವ್ಯಾಸಂಗ ಮಾಡುತ್ತಿರುವ ಹಿಂದುಳಿದ ವರ್ಗಗಳ ವಿದ್ಯಾರ್ಥಿಗಳಿಂದ ಮಾಸಿಕ ವ್ಯಾಸಂಗ ವೇತನ/ಫೆಲೋಶಿಪ್‌ಗಾಗಿ ಅರ್ಜಿ ಆಹ್ವಾನಿಸಲಾಗಿದೆ (ದಿನಾಂಕ:10.01.2024ರ ಒಳಗೆ). ಅರ್ಜಿ ಸಲ್ಲಿಸಲು ಹಾಗೂ ಹೆಚ್ಚಿನ ಮಾಹಿತಿಗೆ bcwd.kamataka.gov.in ಜಾಲತಾಣ ಅಥವಾ ಸಹಾಯವಾಣಿ 8050770004 ಗೆ ಸಂಪರ್ಕಿಸಬಹುದು ಎಂದು ಜಿಲ್ಲಾ ಹಿಂದುಳಿದ ವರ್ಗಗಳ ಕಲ್ಯಾಣಾಧಿಕಾರಿ ಪ್ರಕಟಣೆಯಲ್ಲಿ ತಿಳಿಸಿದ್ದಾರೆ.
